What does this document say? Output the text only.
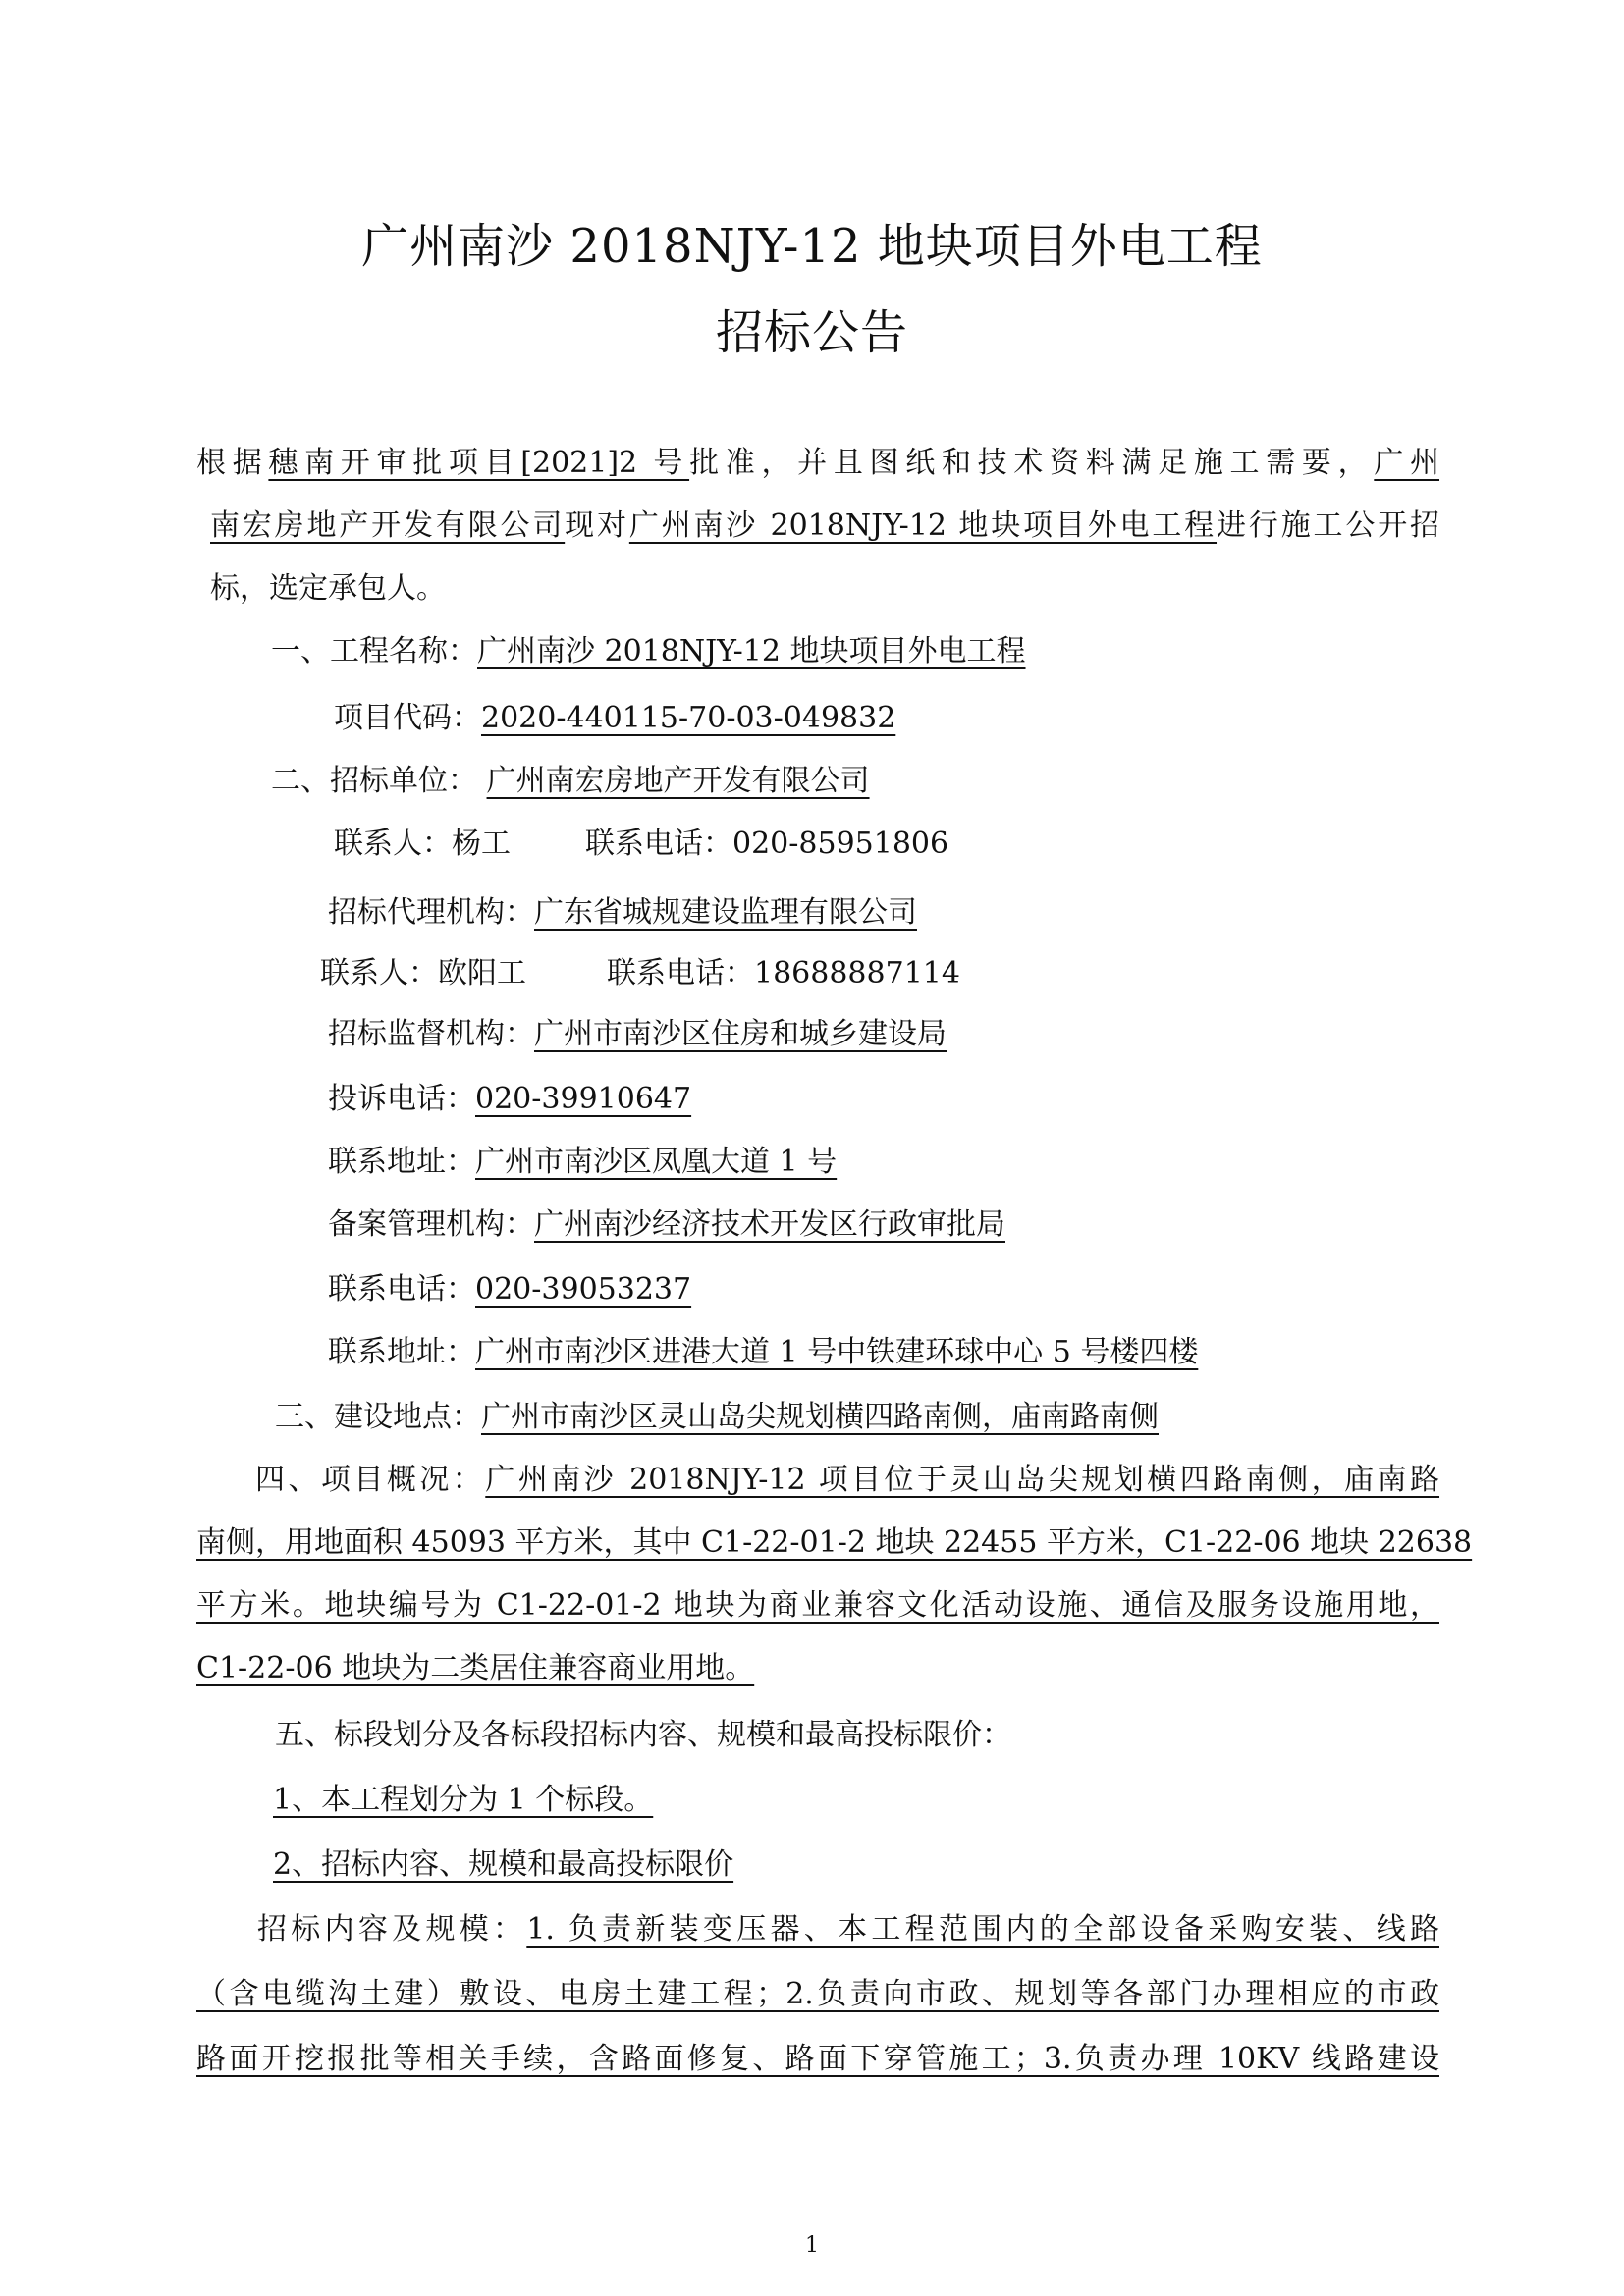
广州南沙 2018NJY-12 地块项目外电工程
招标公告
根据穗南开审批项目[2021]2 号批准，并且图纸和技术资料满足施工需要，广州
南宏房地产开发有限公司现对广州南沙 2018NJY-12 地块项目外电工程进行施工公开招
标，选定承包人。
一、工程名称：广州南沙 2018NJY-12 地块项目外电工程
项目代码：2020-440115-70-03-049832
二、招标单位： 广州南宏房地产开发有限公司
联系人：杨工	联系电话：020-85951806
招标代理机构：广东省城规建设监理有限公司
联系人：欧阳工	联系电话：18688887114
招标监督机构：广州市南沙区住房和城乡建设局
投诉电话：020-39910647
联系地址：广州市南沙区凤凰大道 1 号
备案管理机构：广州南沙经济技术开发区行政审批局
联系电话：020-39053237
联系地址：广州市南沙区进港大道 1 号中铁建环球中心 5 号楼四楼
三、建设地点：广州市南沙区灵山岛尖规划横四路南侧，庙南路南侧
四、项目概况：广州南沙 2018NJY-12 项目位于灵山岛尖规划横四路南侧，庙南路
南侧，用地面积 45093 平方米，其中 C1-22-01-2 地块 22455 平方米，C1-22-06 地块 22638
平方米。地块编号为 C1-22-01-2 地块为商业兼容文化活动设施、通信及服务设施用地，
C1-22-06 地块为二类居住兼容商业用地。
五、标段划分及各标段招标内容、规模和最高投标限价：
1、本工程划分为 1 个标段。
2、招标内容、规模和最高投标限价
招标内容及规模：1. 负责新装变压器、本工程范围内的全部设备采购安装、线路
（含电缆沟土建）敷设、电房土建工程；2.负责向市政、规划等各部门办理相应的市政
路面开挖报批等相关手续，含路面修复、路面下穿管施工；3.负责办理 10KV 线路建设
1
